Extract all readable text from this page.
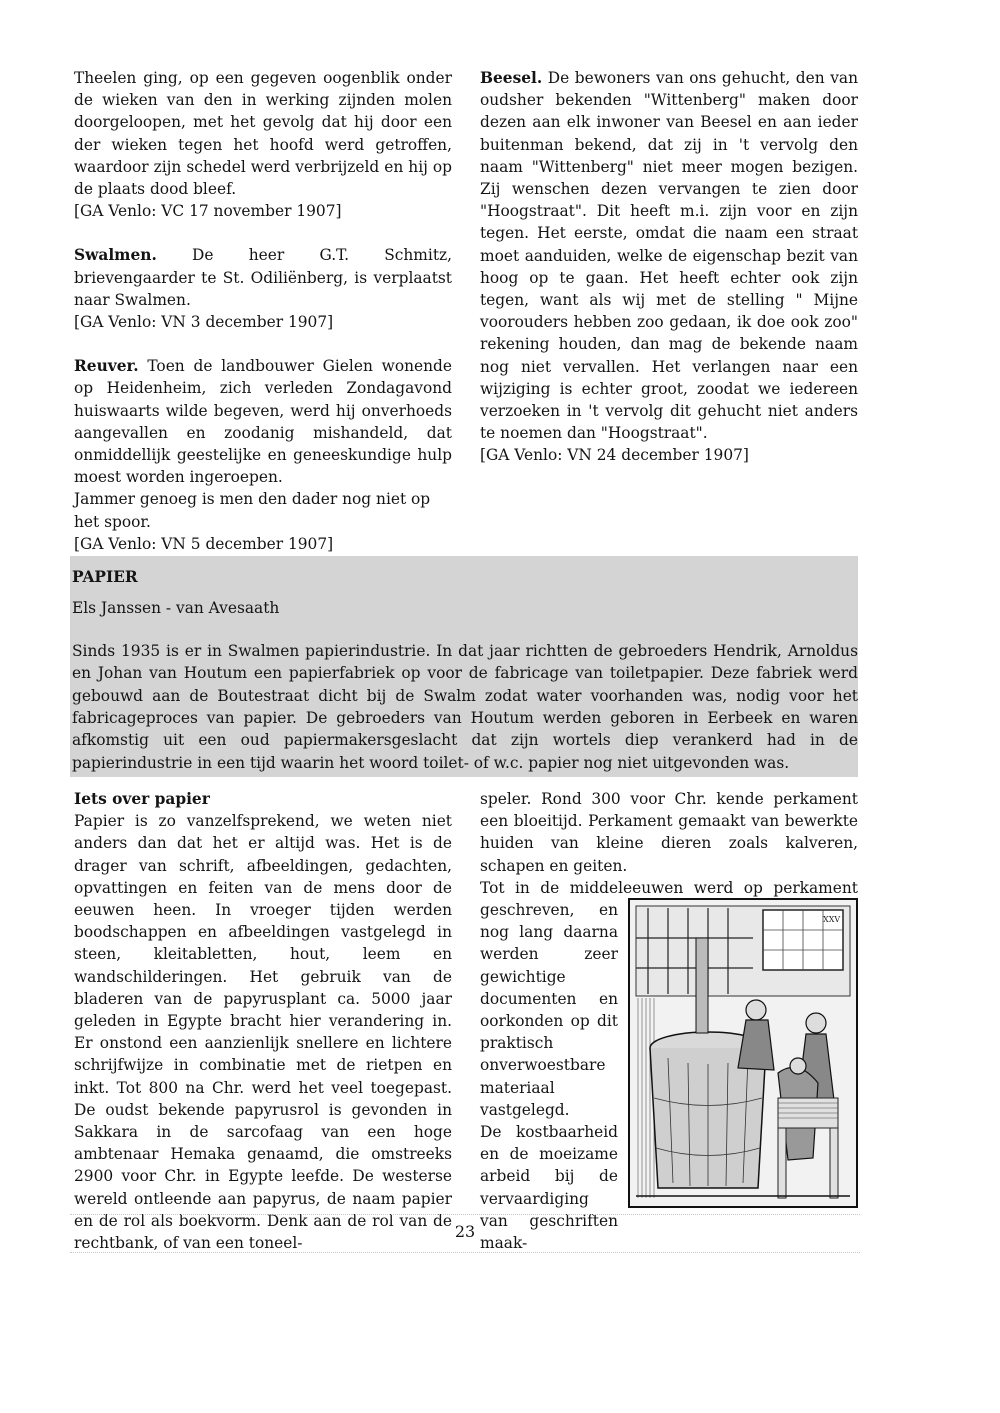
Theelen ging, op een gegeven oogenblik onder de wieken van den in werking zijnden molen doorgeloopen, met het gevolg dat hij door een der wieken tegen het hoofd werd getroffen, waardoor zijn schedel werd verbrijzeld en hij op de plaats dood bleef.

[GA Venlo: VC 17 november 1907]

Swalmen. De heer G.T. Schmitz, brievengaarder te St. Odiliënberg, is verplaatst naar Swalmen.

[GA Venlo: VN 3 december 1907]

Reuver. Toen de landbouwer Gielen wonende op Heidenheim, zich verleden Zondagavond huiswaarts wilde begeven, werd hij onverhoeds aangevallen en zoodanig mishandeld, dat onmiddellijk geestelijke en geneeskundige hulp moest worden ingeroepen.

Jammer genoeg is men den dader nog niet op het spoor.

[GA Venlo: VN 5 december 1907]

Beesel. De bewoners van ons gehucht, den van oudsher bekenden "Wittenberg" maken door dezen aan elk inwoner van Beesel en aan ieder buitenman bekend, dat zij in 't vervolg den naam "Wittenberg" niet meer mogen bezigen. Zij wenschen dezen vervangen te zien door "Hoogstraat". Dit heeft m.i. zijn voor en zijn tegen. Het eerste, omdat die naam een straat moet aanduiden, welke de eigenschap bezit van hoog op te gaan. Het heeft echter ook zijn tegen, want als wij met de stelling " Mijne voorouders hebben zoo gedaan, ik doe ook zoo" rekening houden, dan mag de bekende naam nog niet vervallen. Het verlangen naar een wijziging is echter groot, zoodat we iedereen verzoeken in 't vervolg dit gehucht niet anders te noemen dan "Hoogstraat".

[GA Venlo: VN 24 december 1907]

PAPIER
Els Janssen - van Avesaath

Sinds 1935 is er in Swalmen papierindustrie. In dat jaar richtten de gebroeders Hendrik, Arnoldus en Johan van Houtum een papierfabriek op voor de fabricage van toiletpapier. Deze fabriek werd gebouwd aan de Boutestraat dicht bij de Swalm zodat water voorhanden was, nodig voor het fabricageproces van papier. De gebroeders van Houtum werden geboren in Eerbeek en waren afkomstig uit een oud papiermakersgeslacht dat zijn wortels diep verankerd had in de papierindustrie in een tijd waarin het woord toilet- of w.c. papier nog niet uitgevonden was.

Iets over papier

Papier is zo vanzelfsprekend, we weten niet anders dan dat het er altijd was. Het is de drager van schrift, afbeeldingen, gedachten, opvattingen en feiten van de mens door de eeuwen heen. In vroeger tijden werden boodschappen en afbeeldingen vastgelegd in steen, kleitabletten, hout, leem en wandschilderingen. Het gebruik van de bladeren van de papyrusplant ca. 5000 jaar geleden in Egypte bracht hier verandering in. Er onstond een aanzienlijk snellere en lichtere schrijfwijze in combinatie met de rietpen en inkt. Tot 800 na Chr. werd het veel toegepast. De oudst bekende papyrusrol is gevonden in Sakkara in de sarcofaag van een hoge ambtenaar Hemaka genaamd, die omstreeks 2900 voor Chr. in Egypte leefde. De westerse wereld ontleende aan papyrus, de naam papier en de rol als boekvorm. Denk aan de rol van de rechtbank, of van een toneel-

speler. Rond 300 voor Chr. kende perkament een bloeitijd. Perkament gemaakt van bewerkte huiden van kleine dieren zoals kalveren, schapen en geiten.

Tot in de middeleeuwen werd op perkament

geschreven, en nog lang daarna werden zeer gewichtige documenten en oorkonden op dit praktisch onverwoestbare materiaal vastgelegd.

De kostbaarheid en de moeizame arbeid bij de vervaardiging van geschriften maak-

XXV
23
